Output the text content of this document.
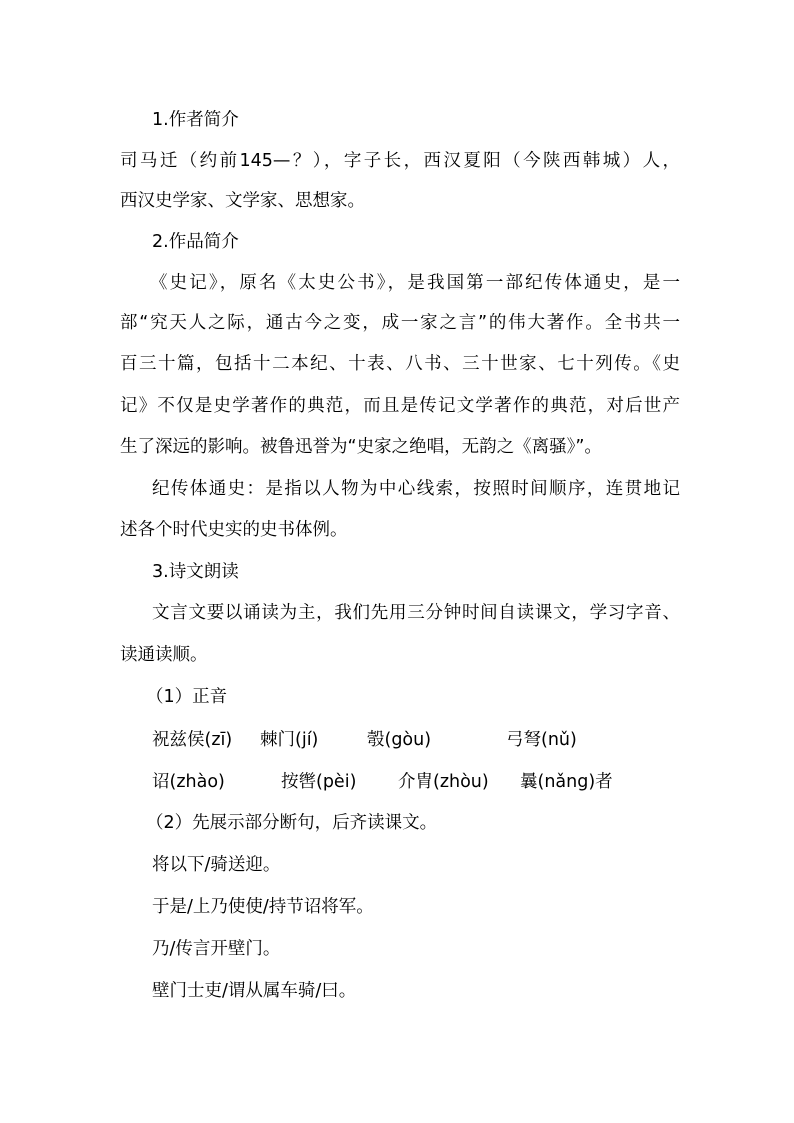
1.作者简介
司马迁（约前145—？），字子长，西汉夏阳（今陕西韩城）人，
西汉史学家、文学家、思想家。
2.作品简介
《史记》，原名《太史公书》，是我国第一部纪传体通史，是一
部“究天人之际，通古今之变，成一家之言”的伟大著作。全书共一
百三十篇，包括十二本纪、十表、八书、三十世家、七十列传。《史
记》不仅是史学著作的典范，而且是传记文学著作的典范，对后世产
生了深远的影响。被鲁迅誉为“史家之绝唱，无韵之《离骚》”。
纪传体通史：是指以人物为中心线索，按照时间顺序，连贯地记
述各个时代史实的史书体例。
3.诗文朗读
文言文要以诵读为主，我们先用三分钟时间自读课文，学习字音、
读通读顺。
（1）正音
祝兹侯(zī) 棘门(jí)	彀(gòu)	弓弩(nǔ)
诏(zhào)	按辔(pèi) 介胄(zhòu) 曩(nǎng)者
（2）先展示部分断句，后齐读课文。
将以下/骑送迎。
于是/上乃使使/持节诏将军。
乃/传言开壁门。
壁门士吏/谓从属车骑/曰。
